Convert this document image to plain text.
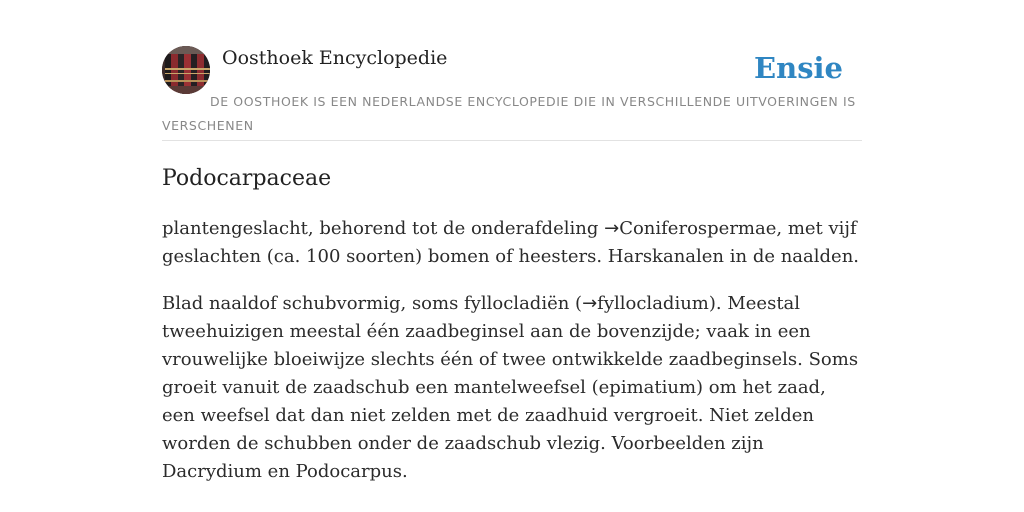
Oosthoek Encyclopedie	Ensie
DE OOSTHOEK IS EEN NEDERLANDSE ENCYCLOPEDIE DIE IN VERSCHILLENDE UITVOERINGEN IS VERSCHENEN
Podocarpaceae

plantengeslacht, behorend tot de onderafdeling →Coniferospermae, met vijf geslachten (ca. 100 soorten) bomen of heesters. Harskanalen in de naalden.

Blad naaldof schubvormig, soms fyllocladiën (→fyllocladium). Meestal tweehuizigen meestal één zaadbeginsel aan de bovenzijde; vaak in een vrouwelijke bloeiwijze slechts één of twee ontwikkelde zaadbeginsels. Soms groeit vanuit de zaadschub een mantelweefsel (epimatium) om het zaad, een weefsel dat dan niet zelden met de zaadhuid vergroeit. Niet zelden worden de schubben onder de zaadschub vlezig. Voorbeelden zijn Dacrydium en Podocarpus.
